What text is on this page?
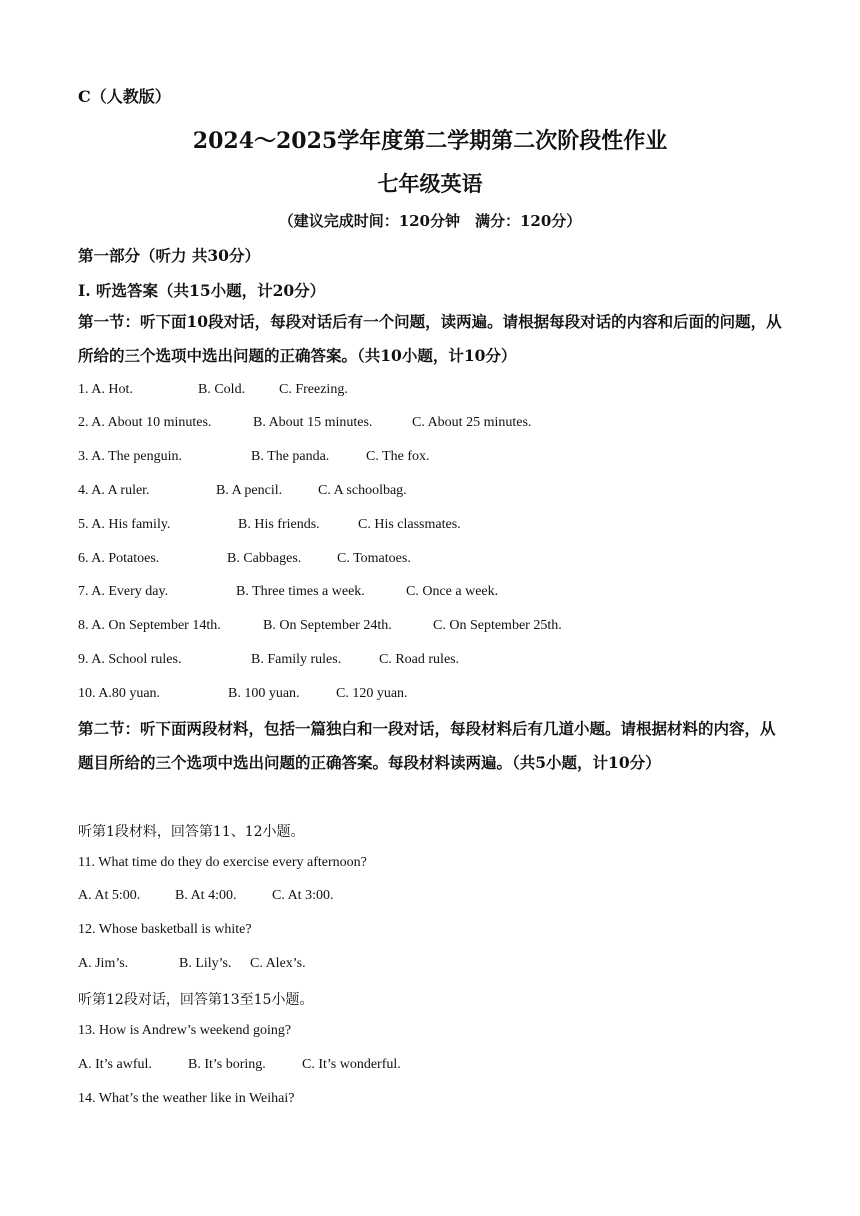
C（人教版）
2024～2025学年度第二学期第二次阶段性作业
七年级英语
（建议完成时间：120分钟　满分：120分）
第一部分（听力 共30分）
Ⅰ. 听选答案（共15小题，计20分）
第一节：听下面10段对话，每段对话后有一个问题，读两遍。请根据每段对话的内容和后面的问题，从所给的三个选项中选出问题的正确答案。（共10小题，计10分）
1. A. Hot.	B. Cold. C. Freezing.
2. A. About 10 minutes.	B. About 15 minutes.	C. About 25 minutes.
3. A. The penguin.	B. The panda.	C. The fox.
4. A. A ruler.	B. A pencil.	C. A schoolbag.
5. A. His family.	B. His friends.	C. His classmates.
6. A. Potatoes.	B. Cabbages.	C. Tomatoes.
7. A. Every day.	B. Three times a week.	C. Once a week.
8. A. On September 14th.	B. On September 24th.	C. On September 25th.
9. A. School rules.	B. Family rules.	C. Road rules.
10. A.80 yuan.	B. 100 yuan.	C. 120 yuan.
第二节：听下面两段材料，包括一篇独白和一段对话，每段材料后有几道小题。请根据材料的内容，从题目所给的三个选项中选出问题的正确答案。每段材料读两遍。（共5小题，计10分）
听第1段材料，回答第11、12小题。
11. What time do they do exercise every afternoon?
A. At 5:00. B. At 4:00.	C. At 3:00.
12. Whose basketball is white?
A. Jim’s.	B. Lily’s. C. Alex’s.
听第12段对话，回答第13至15小题。
13. How is Andrew’s weekend going?
A. It’s awful.	B. It’s boring.	C. It’s wonderful.
14. What’s the weather like in Weihai?
